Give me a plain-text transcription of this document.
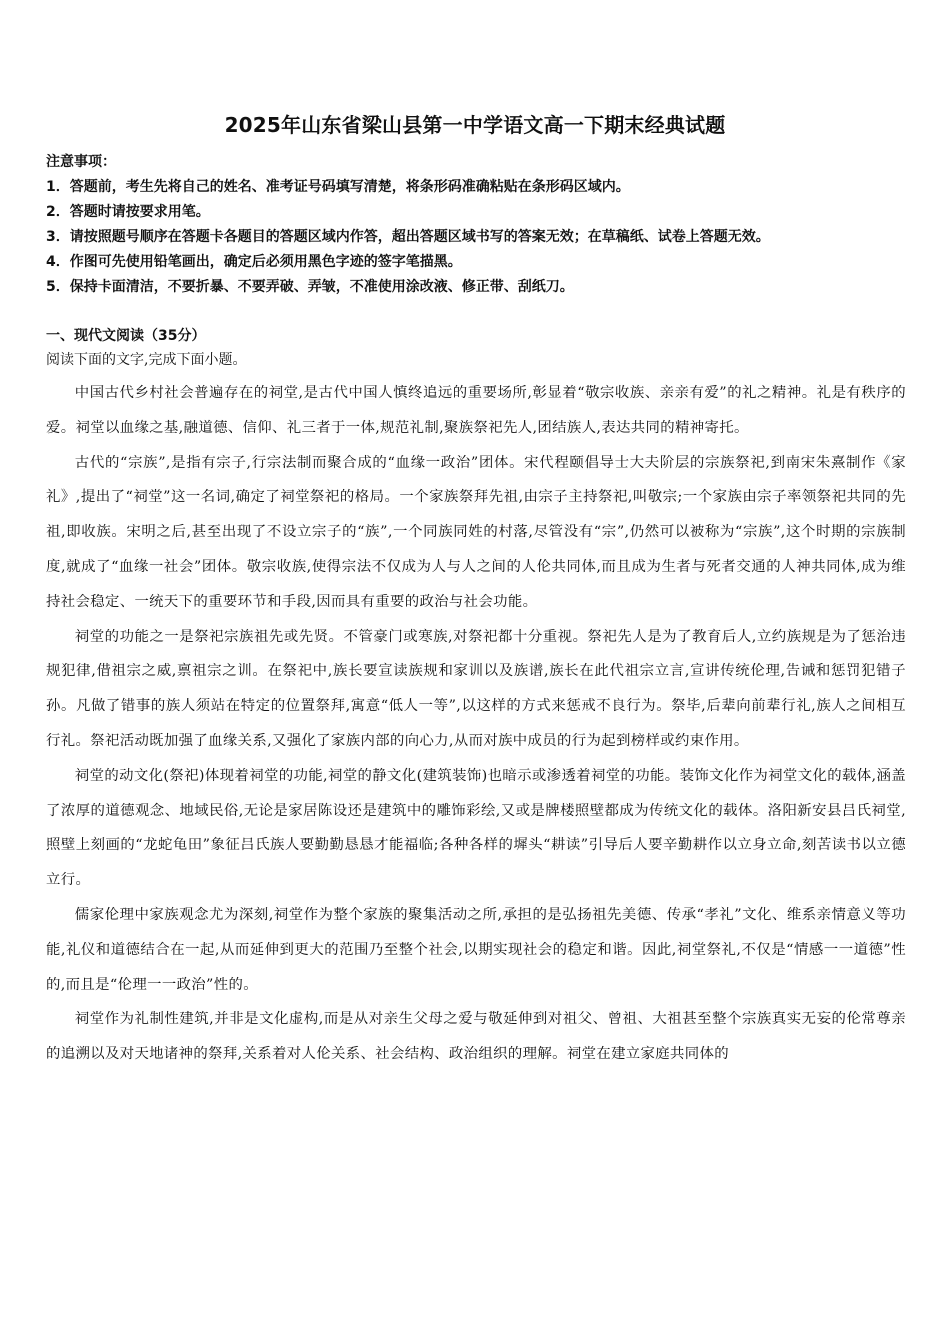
2025年山东省梁山县第一中学语文高一下期末经典试题
注意事项：
1．答题前，考生先将自己的姓名、准考证号码填写清楚，将条形码准确粘贴在条形码区域内。
2．答题时请按要求用笔。
3．请按照题号顺序在答题卡各题目的答题区域内作答，超出答题区域书写的答案无效；在草稿纸、试卷上答题无效。
4．作图可先使用铅笔画出，确定后必须用黑色字迹的签字笔描黑。
5．保持卡面清洁，不要折暴、不要弄破、弄皱，不准使用涂改液、修正带、刮纸刀。
一、现代文阅读（35分）
阅读下面的文字,完成下面小题。

中国古代乡村社会普遍存在的祠堂,是古代中国人慎终追远的重要场所,彰显着“敬宗收族、亲亲有爱”的礼之精神。礼是有秩序的爱。祠堂以血缘之基,融道德、信仰、礼三者于一体,规范礼制,聚族祭祀先人,团结族人,表达共同的精神寄托。

古代的“宗族”,是指有宗子,行宗法制而聚合成的“血缘一政治”团体。宋代程颐倡导士大夫阶层的宗族祭祀,到南宋朱熹制作《家礼》,提出了“祠堂”这一名词,确定了祠堂祭祀的格局。一个家族祭拜先祖,由宗子主持祭祀,叫敬宗;一个家族由宗子率领祭祀共同的先祖,即收族。宋明之后,甚至出现了不设立宗子的“族”,一个同族同姓的村落,尽管没有“宗”,仍然可以被称为“宗族”,这个时期的宗族制度,就成了“血缘一社会”团体。敬宗收族,使得宗法不仅成为人与人之间的人伦共同体,而且成为生者与死者交通的人神共同体,成为维持社会稳定、一统天下的重要环节和手段,因而具有重要的政治与社会功能。

祠堂的功能之一是祭祀宗族祖先或先贤。不管豪门或寒族,对祭祀都十分重视。祭祀先人是为了教育后人,立约族规是为了惩治违规犯律,借祖宗之威,禀祖宗之训。在祭祀中,族长要宣读族规和家训以及族谱,族长在此代祖宗立言,宣讲传统伦理,告诫和惩罚犯错子孙。凡做了错事的族人须站在特定的位置祭拜,寓意“低人一等”,以这样的方式来惩戒不良行为。祭毕,后辈向前辈行礼,族人之间相互行礼。祭祀活动既加强了血缘关系,又强化了家族内部的向心力,从而对族中成员的行为起到榜样或约束作用。

祠堂的动文化(祭祀)体现着祠堂的功能,祠堂的静文化(建筑装饰)也暗示或渗透着祠堂的功能。装饰文化作为祠堂文化的载体,涵盖了浓厚的道德观念、地域民俗,无论是家居陈设还是建筑中的雕饰彩绘,又或是牌楼照壁都成为传统文化的载体。洛阳新安县吕氏祠堂,照壁上刻画的“龙蛇龟田”象征吕氏族人要勤勤恳恳才能福临;各种各样的墀头“耕读”引导后人要辛勤耕作以立身立命,刻苦读书以立德立行。

儒家伦理中家族观念尤为深刻,祠堂作为整个家族的聚集活动之所,承担的是弘扬祖先美德、传承“孝礼”文化、维系亲情意义等功能,礼仪和道德结合在一起,从而延伸到更大的范围乃至整个社会,以期实现社会的稳定和谐。因此,祠堂祭礼,不仅是“情感一一道德”性的,而且是“伦理一一政治”性的。

祠堂作为礼制性建筑,并非是文化虚构,而是从对亲生父母之爱与敬延伸到对祖父、曾祖、大祖甚至整个宗族真实无妄的伦常尊亲的追溯以及对天地诸神的祭拜,关系着对人伦关系、社会结构、政治组织的理解。祠堂在建立家庭共同体的
